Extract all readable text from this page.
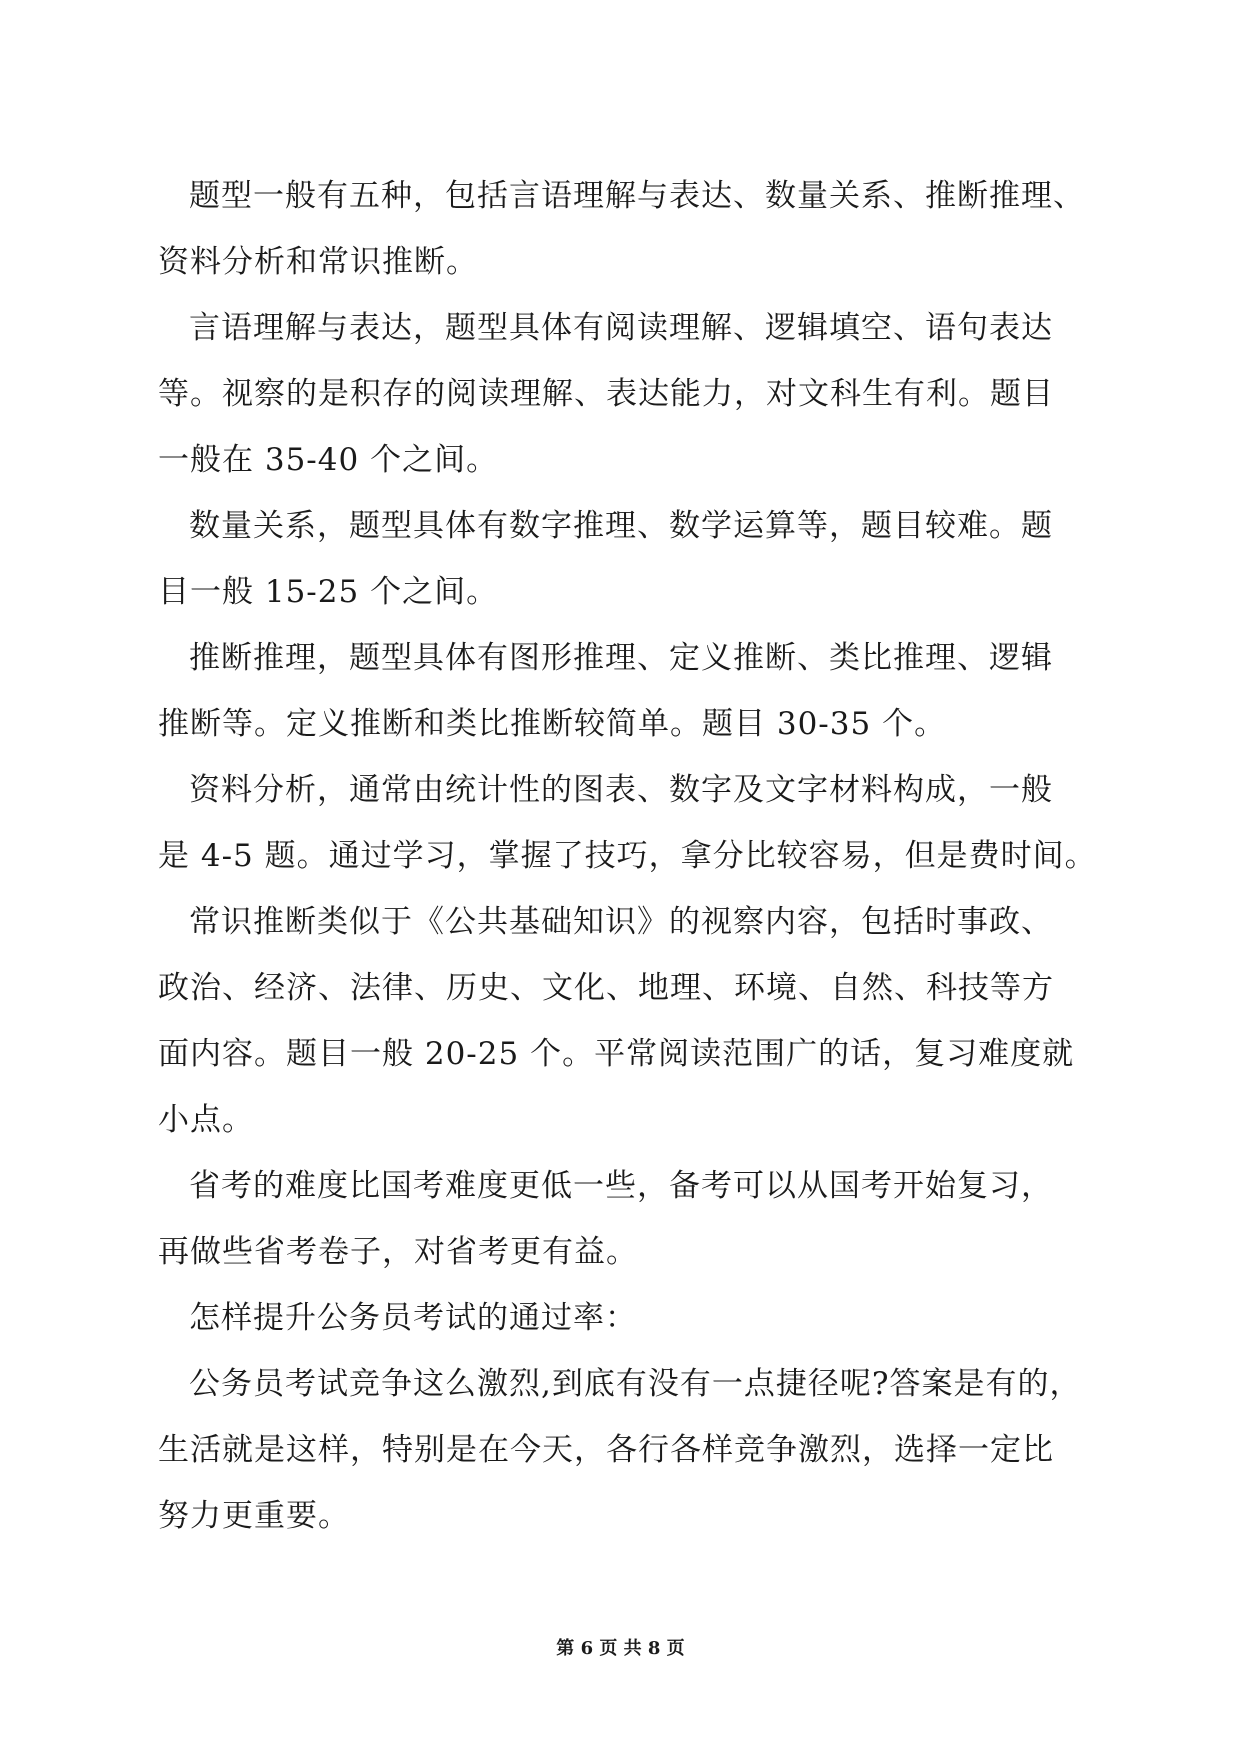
题型一般有五种，包括言语理解与表达、数量关系、推断推理、
资料分析和常识推断。
言语理解与表达，题型具体有阅读理解、逻辑填空、语句表达
等。视察的是积存的阅读理解、表达能力，对文科生有利。题目
一般在 35-40 个之间。
数量关系，题型具体有数字推理、数学运算等，题目较难。题
目一般 15-25 个之间。
推断推理，题型具体有图形推理、定义推断、类比推理、逻辑
推断等。定义推断和类比推断较简单。题目 30-35 个。
资料分析，通常由统计性的图表、数字及文字材料构成，一般
是 4-5 题。通过学习，掌握了技巧，拿分比较容易，但是费时间。
常识推断类似于《公共基础知识》的视察内容，包括时事政、
政治、经济、法律、历史、文化、地理、环境、自然、科技等方
面内容。题目一般 20-25 个。平常阅读范围广的话，复习难度就
小点。
省考的难度比国考难度更低一些，备考可以从国考开始复习，
再做些省考卷子，对省考更有益。
怎样提升公务员考试的通过率：
公务员考试竞争这么激烈,到底有没有一点捷径呢?答案是有的，
生活就是这样，特别是在今天，各行各样竞争激烈，选择一定比
努力更重要。
第 6 页 共 8 页
